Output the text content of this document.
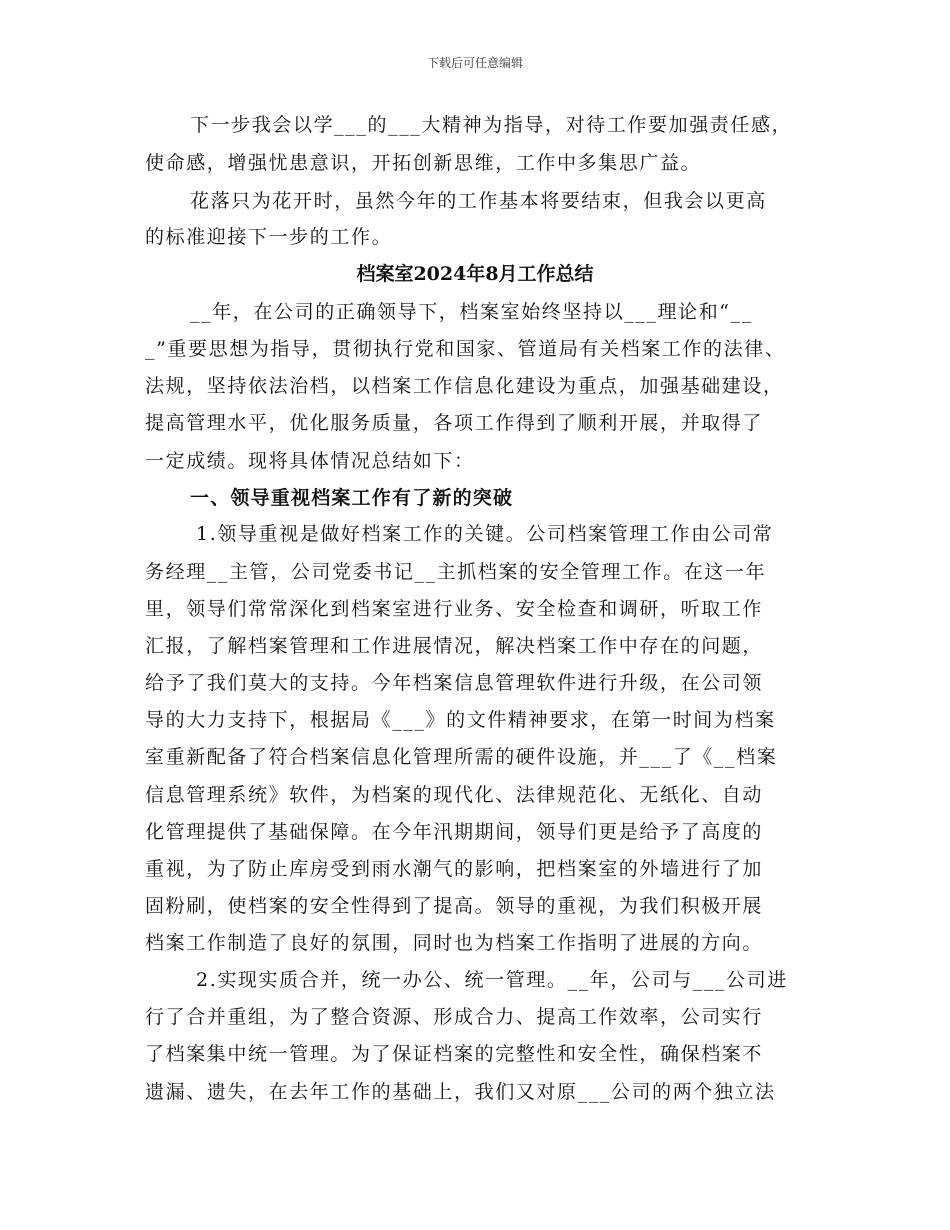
下载后可任意编辑
下一步我会以学___的___大精神为指导，对待工作要加强责任感，
使命感，增强忧患意识，开拓创新思维，工作中多集思广益。
花落只为花开时，虽然今年的工作基本将要结束，但我会以更高
的标准迎接下一步的工作。
档案室2024年8月工作总结
__年，在公司的正确领导下，档案室始终坚持以___理论和“__
_”重要思想为指导，贯彻执行党和国家、管道局有关档案工作的法律、
法规，坚持依法治档，以档案工作信息化建设为重点，加强基础建设，
提高管理水平，优化服务质量，各项工作得到了顺利开展，并取得了
一定成绩。现将具体情况总结如下：
一、领导重视档案工作有了新的突破
1.领导重视是做好档案工作的关键。公司档案管理工作由公司常
务经理__主管，公司党委书记__主抓档案的安全管理工作。在这一年
里，领导们常常深化到档案室进行业务、安全检查和调研，听取工作
汇报，了解档案管理和工作进展情况，解决档案工作中存在的问题，
给予了我们莫大的支持。今年档案信息管理软件进行升级，在公司领
导的大力支持下，根据局《___》的文件精神要求，在第一时间为档案
室重新配备了符合档案信息化管理所需的硬件设施，并___了《__档案
信息管理系统》软件，为档案的现代化、法律规范化、无纸化、自动
化管理提供了基础保障。在今年汛期期间，领导们更是给予了高度的
重视，为了防止库房受到雨水潮气的影响，把档案室的外墙进行了加
固粉刷，使档案的安全性得到了提高。领导的重视，为我们积极开展
档案工作制造了良好的氛围，同时也为档案工作指明了进展的方向。
2.实现实质合并，统一办公、统一管理。__年，公司与___公司进
行了合并重组，为了整合资源、形成合力、提高工作效率，公司实行
了档案集中统一管理。为了保证档案的完整性和安全性，确保档案不
遗漏、遗失，在去年工作的基础上，我们又对原___公司的两个独立法
